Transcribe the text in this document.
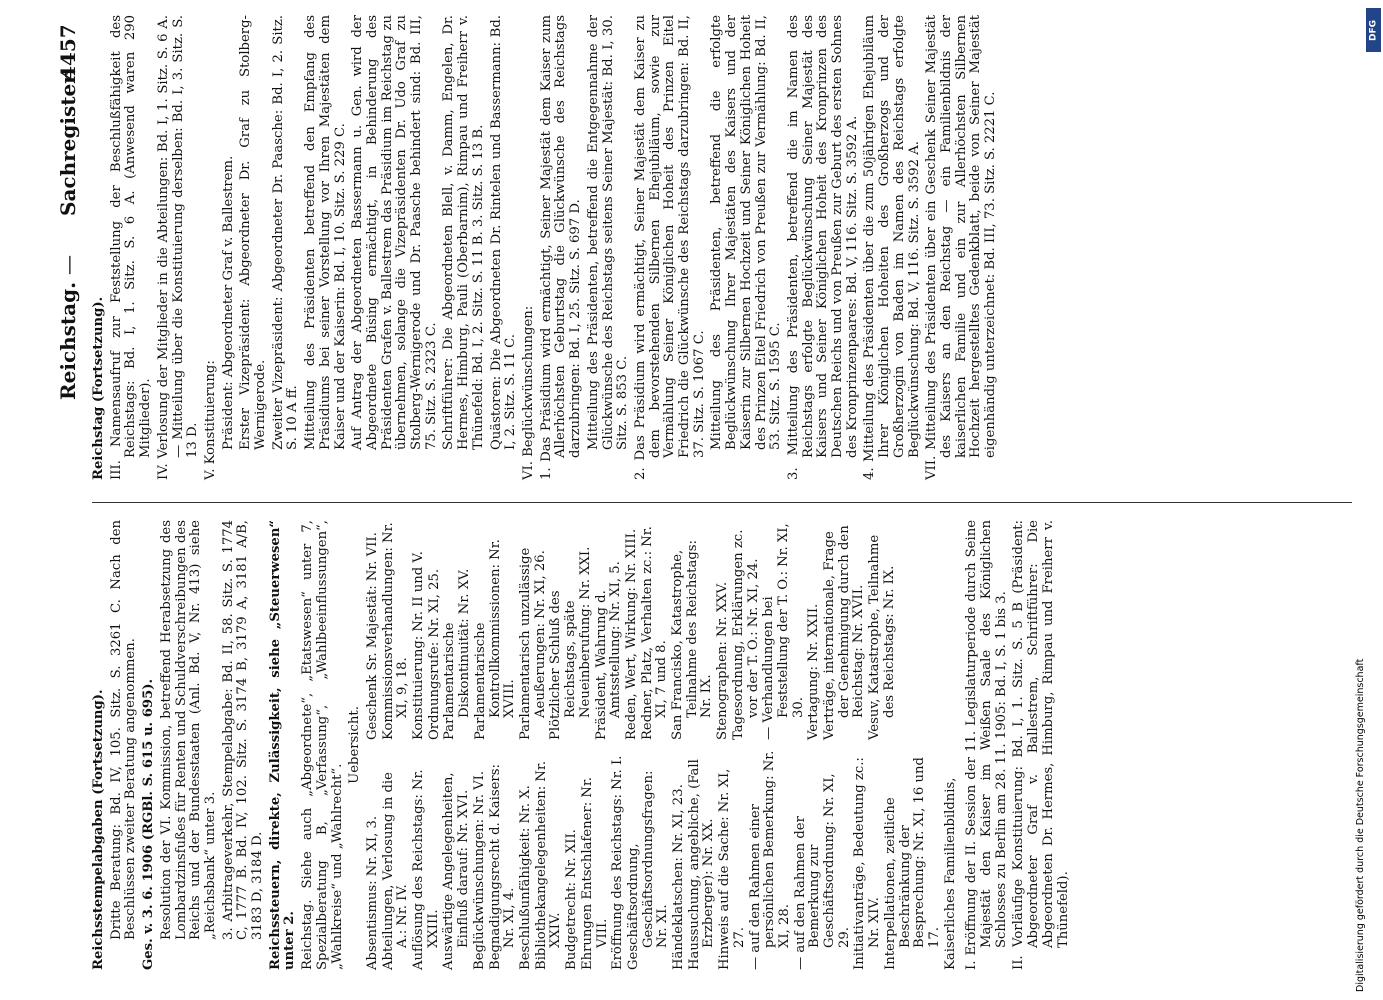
Reichstag.
—
Sachregister.
4457

Reichsstempelabgaben (Fortsetzung). Dritte Beratung: Bd. IV, 105. Sitz. S. 3261 C. Nach den Beschlüssen zweiter Beratung angenommen. Ges. v. 3. 6. 1906 (RGBl. S. 615 u. 695). Resolution der VI. Kommission, betreffend Herabsetzung des Lombardzinsfußes für Renten und Schuldverschreibungen des Reichs und der Bundesstaaten (Anl. Bd. V, Nr. 413) siehe „Reichsbank“ unter 3. 3. Arbitrageverkehr, Stempelabgabe: Bd. II, 58. Sitz. S. 1774 C, 1777 B. Bd. IV, 102. Sitz. S. 3174 B, 3179 A, 3181 A/B, 3183 D, 3184 D. Reichssteuern, direkte, Zulässigkeit, siehe „Steuerwesen“ unter 2. Reichstag. Siehe auch „Abgeordnete“, „Etatswesen“ unter 7, Spezialberatung B, „Verfassung“, „Wahlbeeinflussungen“, „Wahlkreise“ und „Wahlrecht“.

Uebersicht.

Absentismus: Nr. XI, 3. Abteilungen, Verlosung in die A.: Nr. IV. Auflösung des Reichstags: Nr. XXIII. Auswärtige Angelegenheiten, Einfluß darauf: Nr. XVI. Beglückwünschungen: Nr. VI. Begnadigungsrecht d. Kaisers: Nr. XI, 4. Beschlußunfähigkeit: Nr. X. Bibliothekangelegenheiten: Nr. XXIV. Budgetrecht: Nr. XII. Ehrungen Entschlafener: Nr. VIII. Eröffnung des Reichstags: Nr. I. Geschäftsordnung, Geschäftsordnungsfragen: Nr. XI. Händeklatschen: Nr. XI, 23. Haussuchung, angebliche, (Fall Erzberger): Nr. XX. Hinweis auf die Sache: Nr. XI, 27. — auf den Rahmen einer persönlichen Bemerkung: Nr. XI, 28. — auf den Rahmen der Bemerkung zur Geschäftsordnung: Nr. XI, 29. Initiativanträge, Bedeutung zc.: Nr. XIV. Interpellationen, zeitliche Beschränkung der Besprechung: Nr. XI, 16 und 17. Kaiserliches Familienbildnis,

Geschenk Sr. Majestät: Nr. VII. Kommissionsverhandlungen: Nr. XI, 9, 18. Konstituierung: Nr. II und V. Ordnungsrufe: Nr. XI, 25. Parlamentarische Diskontinuität: Nr. XV. Parlamentarische Kontrollkommissionen: Nr. XVIII. Parlamentarisch unzulässige Aeußerungen: Nr. XI, 26. Plötzlicher Schluß des Reichstags, späte Neueinberufung: Nr. XXI. Präsident, Wahrung d. Amtsstellung: Nr. XI, 5. Reden, Wert, Wirkung: Nr. XIII. Redner, Platz, Verhalten zc.: Nr. XI, 7 und 8. San Francisko, Katastrophe, Teilnahme des Reichstags: Nr. IX. Stenographen: Nr. XXV. Tagesordnung, Erklärungen zc. vor der T. O.: Nr. XI, 24. — Verhandlungen bei Feststellung der T. O.: Nr. XI, 30. Vertagung: Nr. XXII. Verträge, internationale, Frage der Genehmigung durch den Reichstag: Nr. XVII. Vesuv, Katastrophe, Teilnahme des Reichstags: Nr. IX.	I. Eröffnung der II. Session der 11. Legislaturperiode durch Seine Majestät den Kaiser im Weißen Saale des Königlichen Schlosses zu Berlin am 28. 11. 1905: Bd. I, S. 1 bis 3. II. Vorläufige Konstituierung: Bd. I, 1. Sitz. S. 5 B (Präsident: Abgeordneter Graf v. Ballestrem, Schriftführer: Die Abgeordneten Dr. Hermes, Himburg, Rimpau und Freiherr v. Thünefeld).

Reichstag (Fortsetzung). III. Namensaufruf zur Feststellung der Beschlußfähigkeit des Reichstags: Bd. I, 1. Sitz. S. 6 A. (Anwesend waren 290 Mitglieder). IV. Verlosung der Mitglieder in die Abteilungen: Bd. I, 1. Sitz. S. 6 A. — Mitteilung über die Konstituierung derselben: Bd. I, 3. Sitz. S. 13 D. V. Konstituierung: Präsident: Abgeordneter Graf v. Ballestrem. Erster Vizepräsident: Abgeordneter Dr. Graf zu Stolberg-Wernigerode. Zweiter Vizepräsident: Abgeordneter Dr. Paasche: Bd. I, 2. Sitz. S. 10 A ff. Mitteilung des Präsidenten betreffend den Empfang des Präsidiums bei seiner Vorstellung vor Ihren Majestäten dem Kaiser und der Kaiserin: Bd. I, 10. Sitz. S. 229 C. Auf Antrag der Abgeordneten Bassermann u. Gen. wird der Abgeordnete Büsing ermächtigt, in Behinderung des Präsidenten Grafen v. Ballestrem das Präsidium im Reichstag zu übernehmen, solange die Vizepräsidenten Dr. Udo Graf zu Stolberg-Wernigerode und Dr. Paasche behindert sind: Bd. III, 75. Sitz. S. 2323 C. Schriftführer: Die Abgeordneten Blell, v. Damm, Engelen, Dr. Hermes, Himburg, Pauli (Oberbarnim), Rimpau und Freiherr v. Thünefeld: Bd. I, 2. Sitz. S. 11 B. 3. Sitz. S. 13 B. Quästoren: Die Abgeordneten Dr. Rintelen und Bassermann: Bd. I, 2. Sitz. S. 11 C. VI. Beglückwünschungen: 1. Das Präsidium wird ermächtigt, Seiner Majestät dem Kaiser zum Allerhöchsten Geburtstag die Glückwünsche des Reichstags darzubringen: Bd. I, 25. Sitz. S. 697 D. Mitteilung des Präsidenten, betreffend die Entgegennahme der Glückwünsche des Reichstags seitens Seiner Majestät: Bd. I, 30. Sitz. S. 853 C. 2. Das Präsidium wird ermächtigt, Seiner Majestät dem Kaiser zu dem bevorstehenden Silbernen Ehejubiläum, sowie zur Vermählung Seiner Königlichen Hoheit des Prinzen Eitel Friedrich die Glückwünsche des Reichstags darzubringen: Bd. II, 37. Sitz. S. 1067 C. Mitteilung des Präsidenten, betreffend die erfolgte Beglückwünschung Ihrer Majestäten des Kaisers und der Kaiserin zur Silbernen Hochzeit und Seiner Königlichen Hoheit des Prinzen Eitel Friedrich von Preußen zur Vermählung: Bd. II, 53. Sitz. S. 1595 C. 3. Mitteilung des Präsidenten, betreffend die im Namen des Reichstags erfolgte Beglückwünschung Seiner Majestät des Kaisers und Seiner Königlichen Hoheit des Kronprinzen des Deutschen Reichs und von Preußen zur Geburt des ersten Sohnes des Kronprinzenpaares: Bd. V, 116. Sitz. S. 3592 A. 4. Mitteilung des Präsidenten über die zum 50jährigen Ehejubiläum Ihrer Königlichen Hoheiten des Großherzogs und der Großherzogin von Baden im Namen des Reichstags erfolgte Beglückwünschung: Bd. V, 116. Sitz. S. 3592 A. VII. Mitteilung des Präsidenten über ein Geschenk Seiner Majestät des Kaisers an den Reichstag — ein Familienbildnis der kaiserlichen Familie und ein zur Allerhöchsten Silbernen Hochzeit hergestelltes Gedenkblatt, beide von Seiner Majestät eigenhändig unterzeichnet: Bd. III, 73. Sitz. S. 2221 C.

Digitalisierung gefördert durch die Deutsche Forschungsgemeinschaft
DFG
